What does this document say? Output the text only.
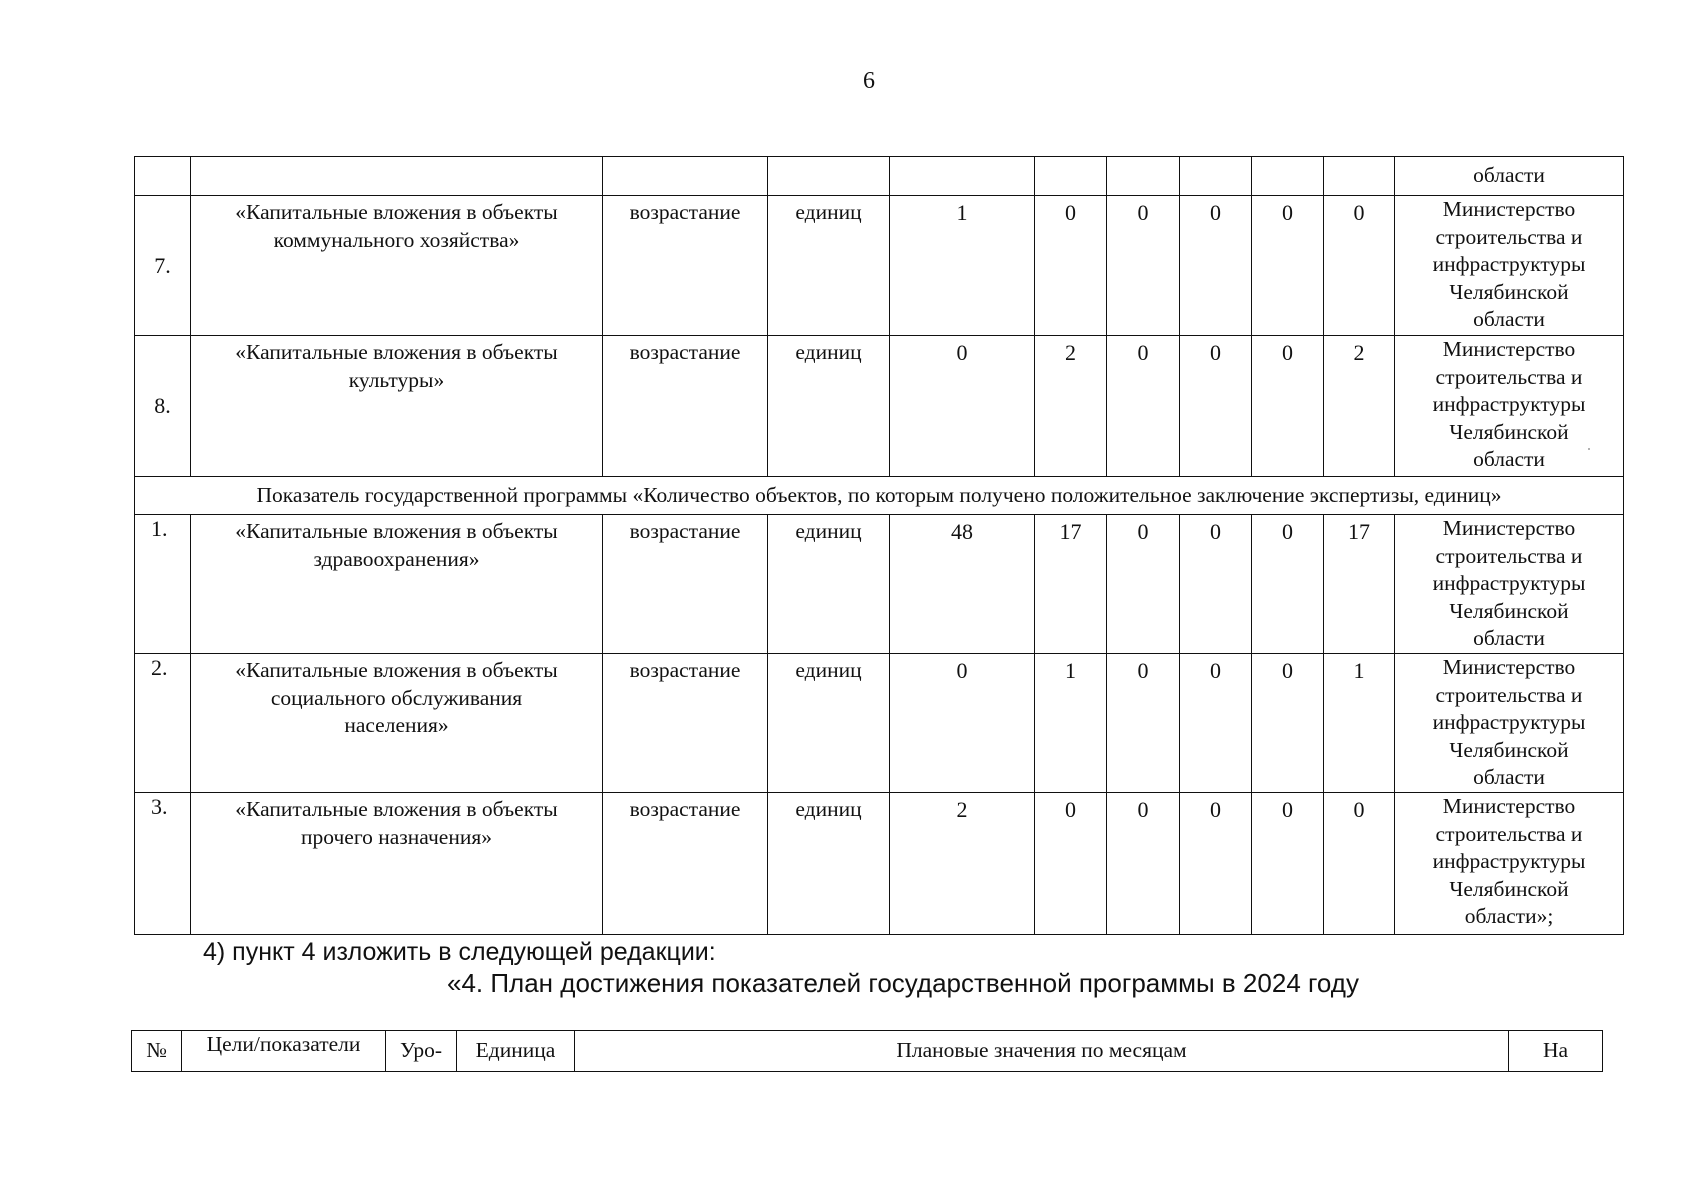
6
										области
7.	«Капитальные вложения в объекты
коммунального хозяйства»	возрастание	единиц	1	0	0	0	0	0	Министерство
строительства и
инфраструктуры
Челябинской
области

8.	«Капитальные вложения в объекты
культуры»	возрастание	единиц	0	2	0	0	0	2	Министерство
строительства и
инфраструктуры
Челябинской
области

Показатель государственной программы «Количество объектов, по которым получено положительное заключение экспертизы, единиц»										
1.	«Капитальные вложения в объекты
здравоохранения»	возрастание	единиц	48	17	0	0	0	17	Министерство
строительства и
инфраструктуры
Челябинской
области

2.	«Капитальные вложения в объекты
социального обслуживания
населения»	возрастание	единиц	0	1	0	0	0	1	Министерство
строительства и
инфраструктуры
Челябинской
области

3.	«Капитальные вложения в объекты
прочего назначения»	возрастание	единиц	2	0	0	0	0	0	Министерство
строительства и
инфраструктуры
Челябинской
области»;
4) пункт 4 изложить в следующей редакции:
«4. План достижения показателей государственной программы в 2024 году
№	Цели/показатели	Уро-	Единица	Плановые значения по месяцам	На
